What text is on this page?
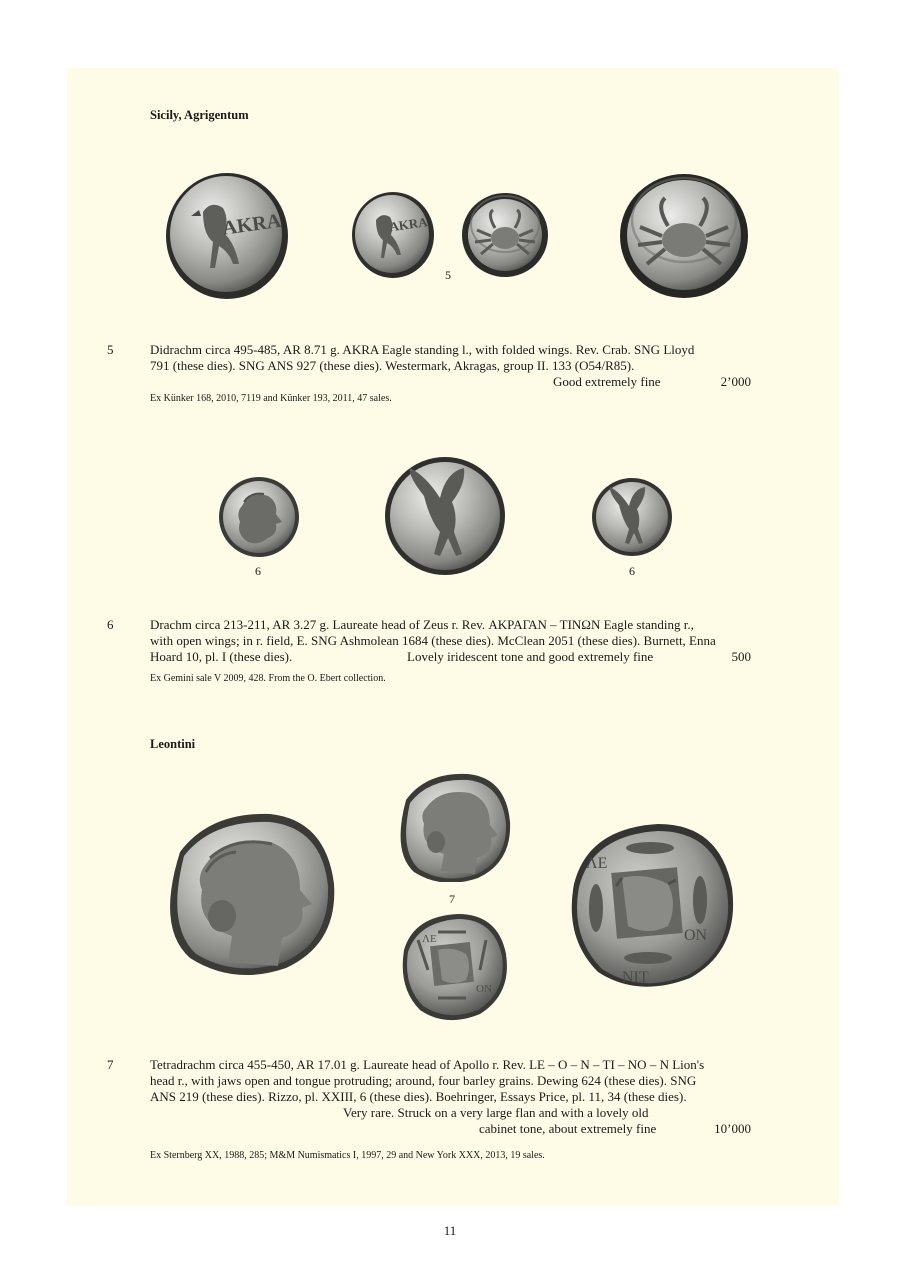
Sicily, Agrigentum
AKRA	AKRA
5
5	Didrachm circa 495-485, AR 8.71 g. AKRA Eagle standing l., with folded wings. Rev. Crab. SNG Lloyd

791 (these dies). SNG ANS 927 (these dies). Westermark, Akragas, group II. 133 (O54/R85).

Good extremely fine	2’000
Ex Künker 168, 2010, 7119 and Künker 193, 2011, 47 sales.
6	6
6	Drachm circa 213-211, AR 3.27 g. Laureate head of Zeus r. Rev. ΑΚΡΑΓΑΝ – ΤΙΝΩΝ Eagle standing r.,

with open wings; in r. field, E. SNG Ashmolean 1684 (these dies). McClean 2051 (these dies). Burnett, Enna

Hoard 10, pl. I (these dies).	Lovely iridescent tone and good extremely fine	500
Ex Gemini sale V 2009, 428. From the O. Ebert collection.
Leontini
7
ΛΕ
ΟΝ
ΛΕ
ΟΝ
ΝΙΤ
7	Tetradrachm circa 455-450, AR 17.01 g. Laureate head of Apollo r. Rev. LE – O – N – TI – NO – N Lion's

head r., with jaws open and tongue protruding; around, four barley grains. Dewing 624 (these dies). SNG

ANS 219 (these dies). Rizzo, pl. XXIII, 6 (these dies). Boehringer, Essays Price, pl. 11, 34 (these dies).

Very rare. Struck on a very large flan and with a lovely old
cabinet tone, about extremely fine	10’000
Ex Sternberg XX, 1988, 285; M&M Numismatics I, 1997, 29 and New York XXX, 2013, 19 sales.
11
